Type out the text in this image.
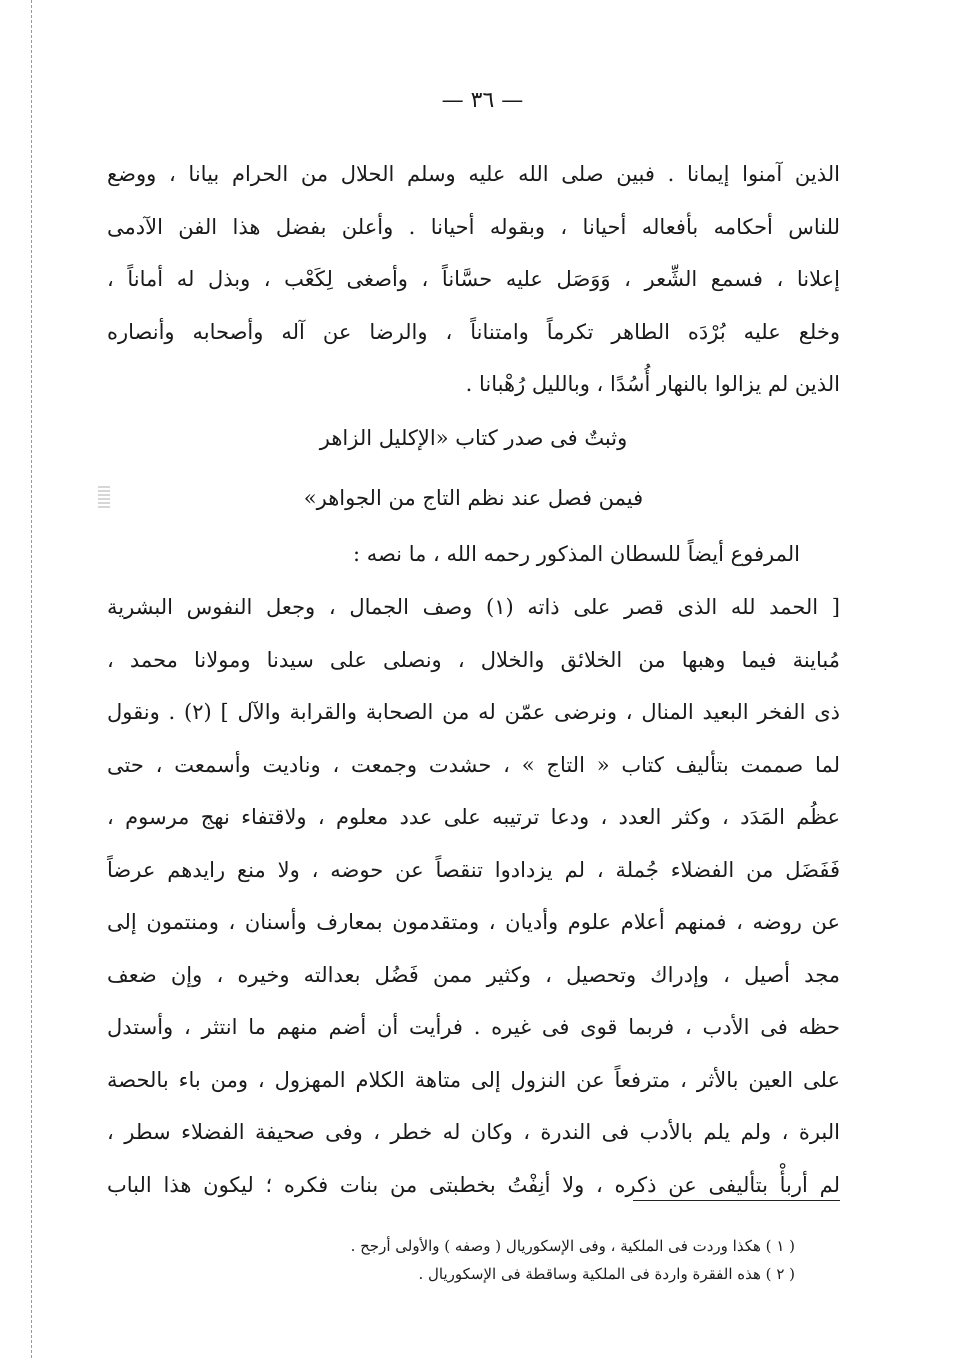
— ٣٦ —
الذين آمنوا إيمانا . فبين صلى الله عليه وسلم الحلال من الحرام بيانا ، ووضع
للناس أحكامه بأفعاله أحيانا ، وبقوله أحيانا . وأعلن بفضل هذا الفن الآدمى
إعلانا ، فسمع الشِّعر ، وَوَصَل عليه حسَّاناً ، وأصغى لِكَعْب ، وبذل له أماناً ،
وخلع عليه بُرْدَه الطاهر تكرماً وامتناناً ، والرضا عن آله وأصحابه وأنصاره
الذين لم يزالوا بالنهار أُسُدًا ، وبالليل رُهْبانا .
وثبتٌ فى صدر كتاب «الإكليل الزاهر
فيمن فصل عند نظم التاج من الجواهر»
المرفوع أيضاً للسطان المذكور رحمه الله ، ما نصه :
[ الحمد لله الذى قصر على ذاته (١) وصف الجمال ، وجعل النفوس البشرية
مُباينة فيما وهبها من الخلائق والخلال ، ونصلى على سيدنا ومولانا محمد ،
ذى الفخر البعيد المنال ، ونرضى عمّن له من الصحابة والقرابة والآل ] (٢) . ونقول
لما صممت بتأليف كتاب « التاج » ، حشدت وجمعت ، وناديت وأسمعت ، حتى
عظُم المَدَد ، وكثر العدد ، ودعا ترتيبه على عدد معلوم ، ولاقتفاء نهج مرسوم ،
فَفَضَل من الفضلاء جُملة ، لم يزدادوا تنقصاً عن حوضه ، ولا منع رايدهم عرضاً
عن روضه ، فمنهم أعلام علوم وأديان ، ومتقدمون بمعارف وأسنان ، ومنتمون إلى
مجد أصيل ، وإدراك وتحصيل ، وكثير ممن فَضُل بعدالته وخيره ، وإن ضعف
حظه فى الأدب ، فربما قوى فى غيره . فرأيت أن أضم منهم ما انتثر ، وأستدل
على العين بالأثر ، مترفعاً عن النزول إلى متاهة الكلام المهزول ، ومن باء بالحصة
البرة ، ولم يلم بالأدب فى الندرة ، وكان له خطر ، وفى صحيفة الفضلاء سطر ،
لم أربأْ بتأليفى عن ذكره ، ولا أنِفْتُ بخطبتى من بنات فكره ؛ ليكون هذا الباب
( ١ ) هكذا وردت فى الملكية ، وفى الإسكوريال ( وصفه ) والأولى أرجح .
( ٢ ) هذه الفقرة واردة فى الملكية وساقطة فى الإسكوريال .
